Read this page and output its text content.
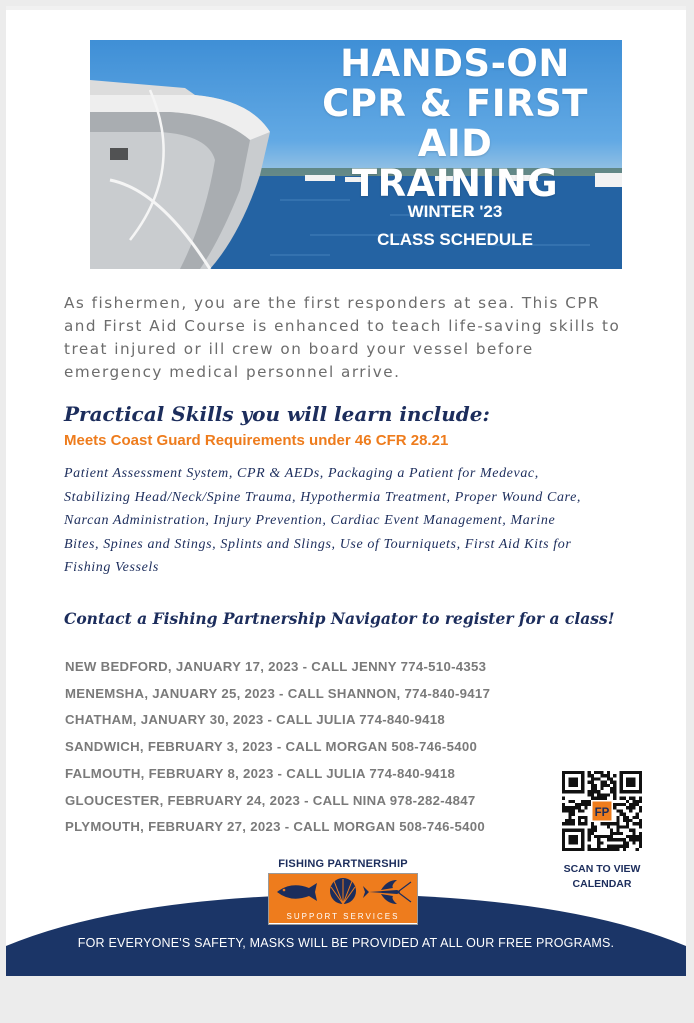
HANDS-ON
CPR & FIRST AID
TRAINING
WINTER '23
CLASS SCHEDULE
As fishermen, you are the first responders at sea. This CPR and First Aid Course is enhanced to teach life-saving skills to treat injured or ill crew on board your vessel before emergency medical personnel arrive.
Practical Skills you will learn include:
Meets Coast Guard Requirements under 46 CFR 28.21
Patient Assessment System, CPR & AEDs, Packaging a Patient for Medevac, Stabilizing Head/Neck/Spine Trauma, Hypothermia Treatment, Proper Wound Care, Narcan Administration, Injury Prevention, Cardiac Event Management, Marine Bites, Spines and Stings, Splints and Slings, Use of Tourniquets, First Aid Kits for Fishing Vessels
Contact a Fishing Partnership Navigator to register for a class!
NEW BEDFORD, JANUARY 17, 2023 - CALL JENNY 774-510-4353
MENEMSHA, JANUARY 25, 2023 - CALL SHANNON, 774-840-9417
CHATHAM, JANUARY 30, 2023 - CALL JULIA 774-840-9418
SANDWICH, FEBRUARY 3, 2023 - CALL MORGAN 508-746-5400
FALMOUTH, FEBRUARY 8, 2023 - CALL JULIA 774-840-9418
GLOUCESTER, FEBRUARY 24, 2023 - CALL NINA 978-282-4847
PLYMOUTH, FEBRUARY 27, 2023 - CALL MORGAN 508-746-5400
FP
SCAN TO VIEW
CALENDAR
FISHING PARTNERSHIP
SUPPORT SERVICES
FOR EVERYONE'S SAFETY, MASKS WILL BE PROVIDED AT ALL OUR FREE PROGRAMS.
